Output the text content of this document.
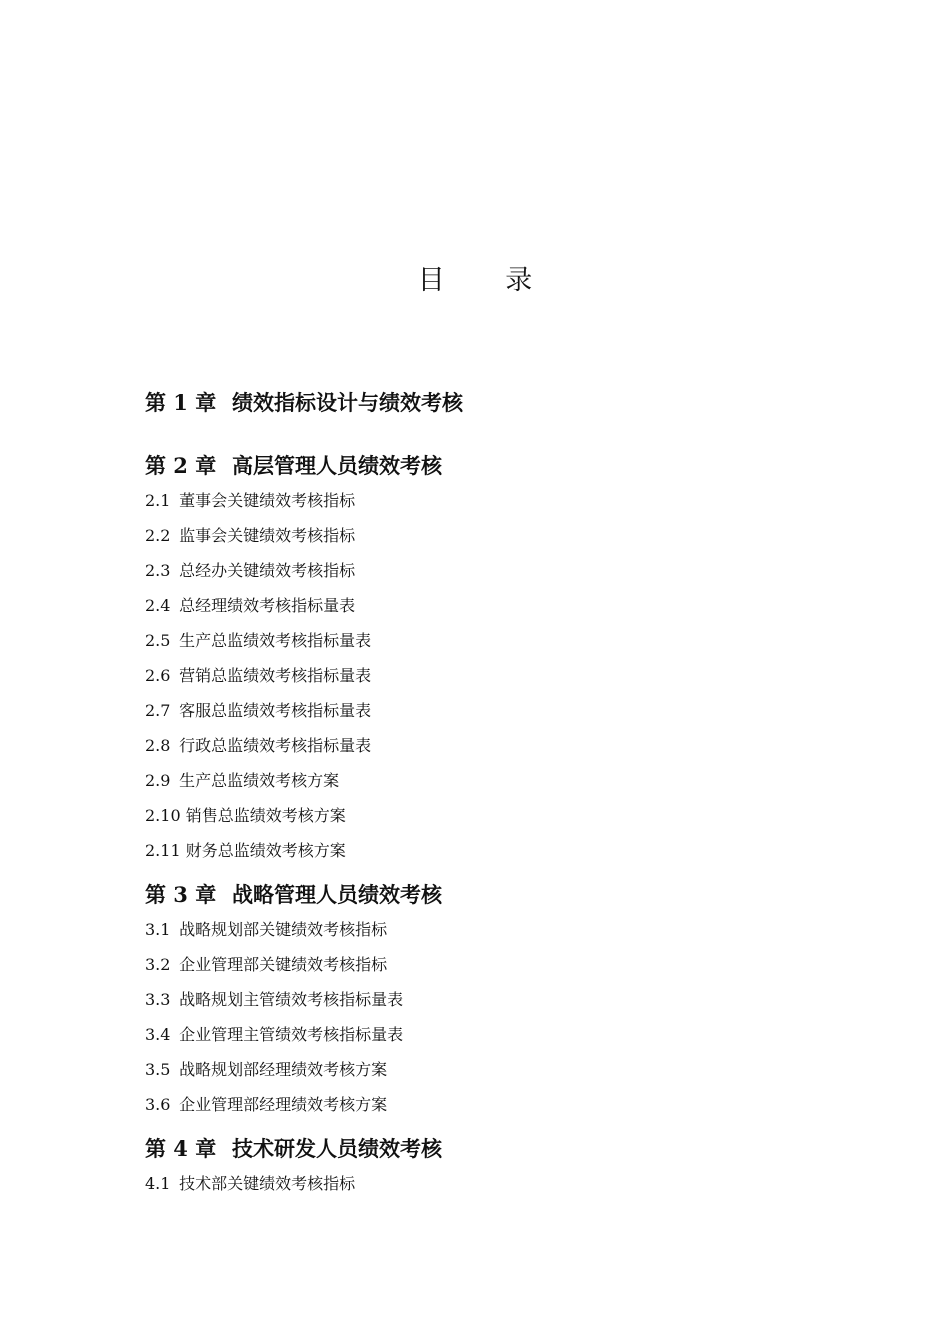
目 录
第 1 章 绩效指标设计与绩效考核
第 2 章 高层管理人员绩效考核
2.1 董事会关键绩效考核指标
2.2 监事会关键绩效考核指标
2.3 总经办关键绩效考核指标
2.4 总经理绩效考核指标量表
2.5 生产总监绩效考核指标量表
2.6 营销总监绩效考核指标量表
2.7 客服总监绩效考核指标量表
2.8 行政总监绩效考核指标量表
2.9 生产总监绩效考核方案
2.10 销售总监绩效考核方案
2.11 财务总监绩效考核方案
第 3 章 战略管理人员绩效考核
3.1 战略规划部关键绩效考核指标
3.2 企业管理部关键绩效考核指标
3.3 战略规划主管绩效考核指标量表
3.4 企业管理主管绩效考核指标量表
3.5 战略规划部经理绩效考核方案
3.6 企业管理部经理绩效考核方案
第 4 章 技术研发人员绩效考核
4.1 技术部关键绩效考核指标
